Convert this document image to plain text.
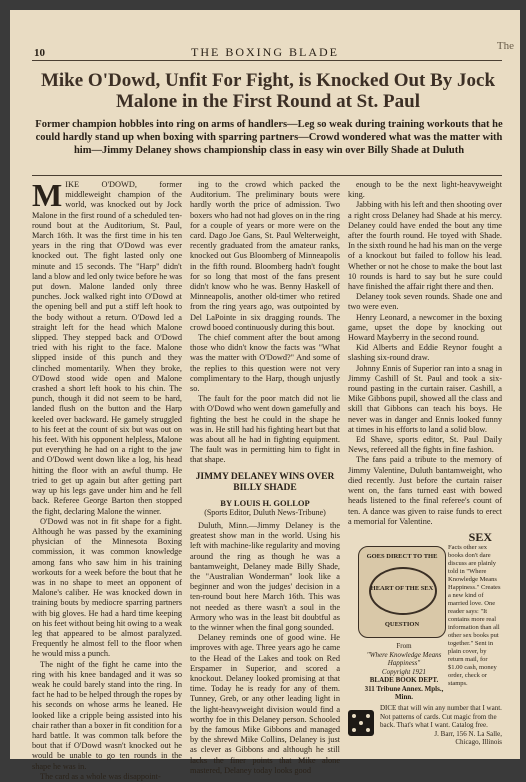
10	THE BOXING BLADE	The
Mike O'Dowd, Unfit For Fight, is Knocked Out By Jock Malone in the First Round at St. Paul
Former champion hobbles into ring on arms of handlers—Leg so weak during training workouts that he could hardly stand up when boxing with sparring partners—Crowd wondered what was the matter with him—Jimmy Delaney shows championship class in easy win over Billy Shade at Duluth

MIKE O'DOWD, former middleweight champion of the world, was knocked out by Jock Malone in the first round of a scheduled ten-round bout at the Auditorium, St. Paul, March 16th. It was the first time in his ten years in the ring that O'Dowd was ever knocked out. The fight lasted only one minute and 15 seconds. The "Harp" didn't land a blow and led only twice before he was put down. Malone landed only three punches. Jock walked right into O'Dowd at the opening bell and put a stiff left hook to the body without a return. O'Dowd led a straight left for the head which Malone slipped. They stepped back and O'Dowd tried with his right to the face. Malone slipped inside of this punch and they clinched momentarily. When they broke, O'Dowd stood wide open and Malone crashed a short left hook to his chin. The punch, though it did not seem to be hard, landed flush on the button and the Harp keeled over backward. He gamely struggled to his feet at the count of six but was out on his feet. With his opponent helpless, Malone put everything he had on a right to the jaw and O'Dowd went down like a log, his head hitting the floor with an awful thump. He tried to get up again but after getting part way up his legs gave under him and he fell back. Referee George Barton then stopped the fight, declaring Malone the winner.

O'Dowd was not in fit shape for a fight. Although he was passed by the examining physician of the Minnesota Boxing commission, it was common knowledge among fans who saw him in his training workouts for a week before the bout that he was in no shape to meet an opponent of Malone's caliber. He was knocked down in training bouts by mediocre sparring partners with big gloves. He had a hard time keeping on his feet without being hit owing to a weak leg that appeared to be almost paralyzed. Frequently he almost fell to the floor when he would miss a punch.

The night of the fight he came into the ring with his knee bandaged and it was so weak he could barely stand into the ring. In fact he had to be helped through the ropes by his seconds on whose arms he leaned. He looked like a cripple being assisted into his chair rather than a boxer in fit condition for a hard battle. It was common talk before the bout that if O'Dowd wasn't knocked out he would be unable to go ten rounds in the shape he was in.

The card as a whole was disappoint-

ing to the crowd which packed the Auditorium. The preliminary bouts were hardly worth the price of admission. Two boxers who had not had gloves on in the ring for a couple of years or more were on the card. Dago Joe Gans, St. Paul Welterweight, recently graduated from the amateur ranks, knocked out Gus Bloomberg of Minneapolis in the fifth round. Bloomberg hadn't fought for so long that most of the fans present didn't know who he was. Benny Haskell of Minneapolis, another old-timer who retired from the ring years ago, was outpointed by Del LaPointe in six dragging rounds. The crowd booed continuously during this bout.

The chief comment after the bout among those who didn't know the facts was "What was the matter with O'Dowd?" And some of the replies to this question were not very complimentary to the Harp, though unjustly so.

The fault for the poor match did not lie with O'Dowd who went down gamefully and fighting the best he could in the shape he was in. He still had his fighting heart but that was about all he had in fighting equipment. The fault was in permitting him to fight in that shape.

JIMMY DELANEY WINS OVER BILLY SHADE
BY LOUIS H. GOLLOP
(Sports Editor, Duluth News-Tribune)

Duluth, Minn.—Jimmy Delaney is the greatest show man in the world. Using his left with machine-like regularity and moving around the ring as though he was a bantamweight, Delaney made Billy Shade, the "Australian Wonderman" look like a beginner and won the judges' decision in a ten-round bout here March 16th. This was not needed as there wasn't a soul in the Armory who was in the least bit doubtful as to the winner when the final gong sounded.

Delaney reminds one of good wine. He improves with age. Three years ago he came to the Head of the Lakes and took on Red Erspamer in Superior, and scored a knockout. Delaney looked promising at that time. Today he is ready for any of them. Tunney, Greb, or any other leading light in the light-heavyweight division would find a worthy foe in this Delaney person. Schooled by the famous Mike Gibbons and managed by the shrewd Mike Collins, Delaney is just as clever as Gibbons and although he still lacks the finer points that Mike alone mastered, Delaney today looks good

enough to be the next light-heavyweight king.

Jabbing with his left and then shooting over a right cross Delaney had Shade at his mercy. Delaney could have ended the bout any time after the fourth round. He toyed with Shade. In the sixth round he had his man on the verge of a knockout but failed to follow his lead. Whether or not he chose to make the bout last 10 rounds is hard to say but he sure could have finished the affair right there and then.

Delaney took seven rounds. Shade one and two were even.

Henry Leonard, a newcomer in the boxing game, upset the dope by knocking out Howard Mayberry in the second round.

Kid Alberts and Eddie Reynor fought a slashing six-round draw.

Johnny Ennis of Superior ran into a snag in Jimmy Cashill of St. Paul and took a six-round pasting in the curtain raiser. Cashill, a Mike Gibbons pupil, showed all the class and skill that Gibbons can teach his boys. He never was in danger and Ennis looked funny at times in his efforts to land a solid blow.

Ed Shave, sports editor, St. Paul Daily News, refereed all the fights in fine fashion.

The fans paid a tribute to the memory of Jimmy Valentine, Duluth bantamweight, who died recently. Just before the curtain raiser went on, the fans turned east with bowed heads listened to the final referee's count of ten. A dance was given to raise funds to erect a memorial for Valentine.

SEX
GOES DIRECT TO THE
HEART OF THE SEX
QUESTION
Facts other sex books don't dare discuss are plainly told in "Where Knowledge Means Happiness." Creates a new kind of married love. One reader says: "It contains more real information than all other sex books put together." Sent in plain cover, by return mail, for $1.00 cash, money order, check or stamps.
From
"Where Knowledge Means Happiness"
Copyright 1921
BLADE BOOK DEPT.
311 Tribune Annex. Mpls., Minn.
DICE that will win any number that I want. Not patterns of cards. Cut magic from the back. That's what I want. Catalog free.
J. Barr, 156 N. La Salle,
Chicago, Illinois
